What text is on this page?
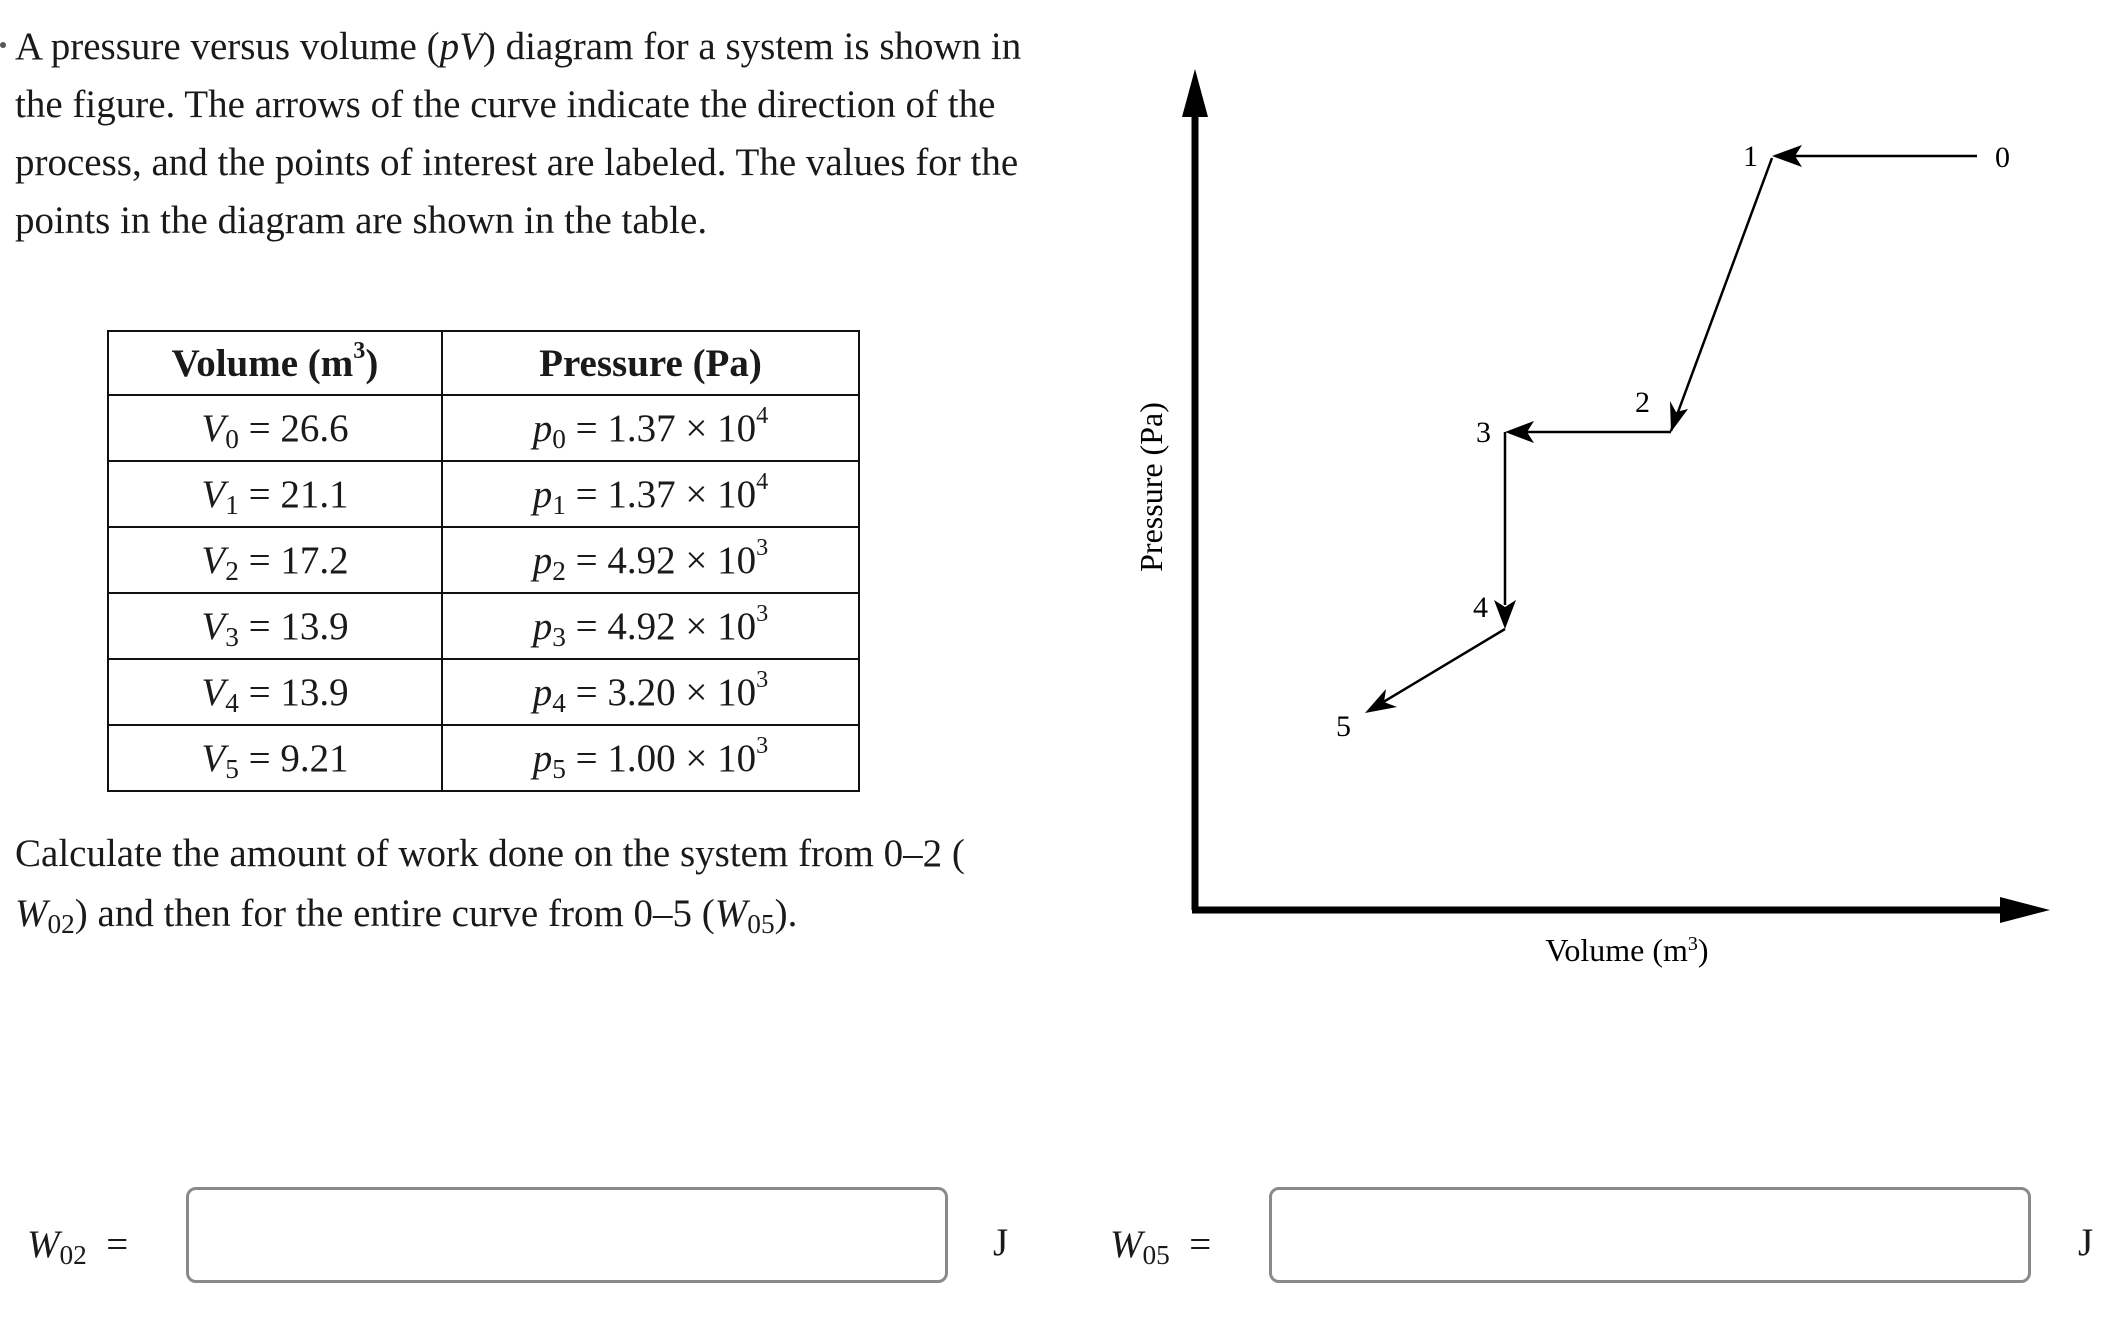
A pressure versus volume (pV) diagram for a system is shown in the figure. The arrows of the curve indicate the direction of the process, and the points of interest are labeled. The values for the points in the diagram are shown in the table.

Volume $(m^3)$	Pressure (Pa)
$V_0 = 26.6$	$p_0 = 1.37 \times 10^4$
$V_1 = 21.1$	$p_1 = 1.37 \times 10^4$
$V_2 = 17.2$	$p_2 = 4.92 \times 10^3$
$V_3 = 13.9$	$p_3 = 4.92 \times 10^3$
$V_4 = 13.9$	$p_4 = 3.20 \times 10^3$
$V_5 = 9.21$	$p_5 = 1.00 \times 10^3$

Calculate the amount of work done on the system from 0–2 (
$W_{02}$) and then for the entire curve from 0–5 $(W_{05})$.

$W_{02}$ =	J	$W_{05}$ =	J
Pressure (Pa)
Volume $(m^3)$
0
1
2
3
4
5
